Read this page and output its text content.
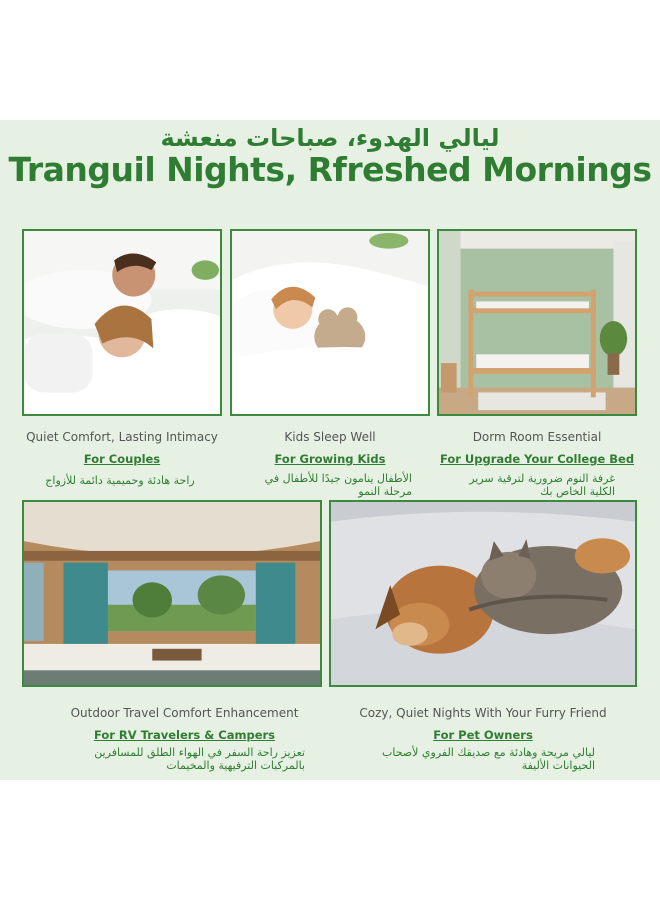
ليالي الهدوء، صباحات منعشة
Tranguil Nights, Rfreshed Mornings
Quiet Comfort, Lasting Intimacy
For Couples
راحة هادئة وحميمية دائمة للأزواج
Kids Sleep Well
For Growing Kids
الأطفال ينامون جيدًا للأطفال في مرحلة النمو
Dorm Room Essential
For Upgrade Your College Bed
غرفة النوم ضرورية لترقية سرير الكلية الخاص بك
Outdoor Travel Comfort Enhancement
For RV Travelers & Campers
تعزيز راحة السفر في الهواء الطلق للمسافرين بالمركبات الترفيهية والمخيمات
Cozy, Quiet Nights With Your Furry Friend
For Pet Owners
ليالي مريحة وهادئة مع صديقك الفروي لأصحاب الحيوانات الأليفة
